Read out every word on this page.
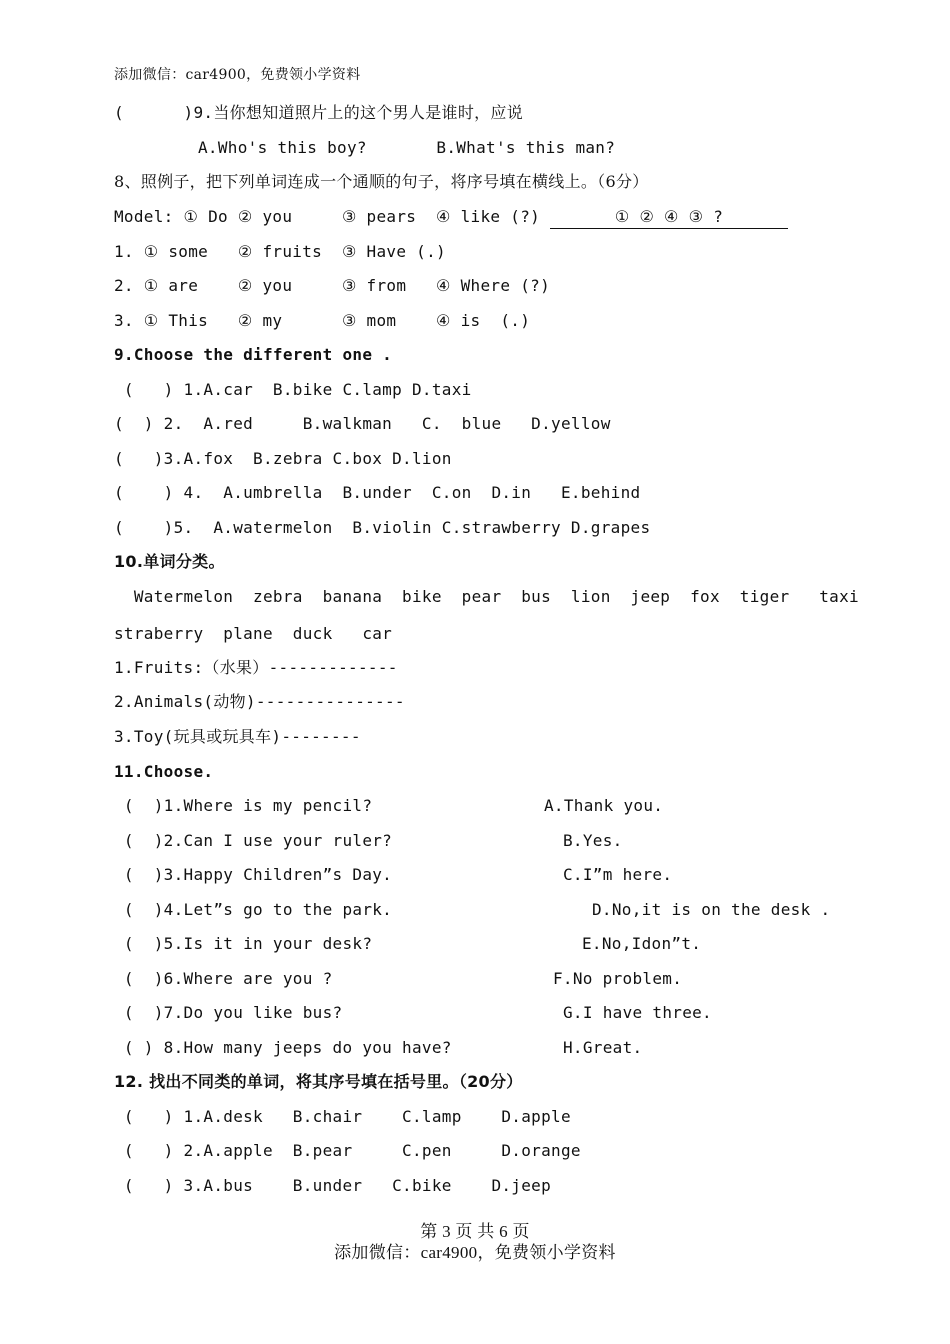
添加微信：car4900，免费领小学资料
(      )9.当你想知道照片上的这个男人是谁时，应说
A.Who's this boy?       B.What's this man?
8、照例子，把下列单词连成一个通顺的句子，将序号填在横线上。（6分）
Model: ① Do ② you     ③ pears  ④ like (?)	① ② ④ ③ ?
1. ① some   ② fruits  ③ Have (.)
2. ① are    ② you     ③ from   ④ Where (?)
3. ① This   ② my      ③ mom    ④ is  (.)
9.Choose the different one .
(   ) 1.A.car  B.bike C.lamp D.taxi
(  ) 2.  A.red     B.walkman   C.  blue   D.yellow
(   )3.A.fox  B.zebra C.box D.lion
(    ) 4.  A.umbrella  B.under  C.on  D.in   E.behind
(    )5.  A.watermelon  B.violin C.strawberry D.grapes
10.单词分类。
Watermelon  zebra  banana  bike  pear  bus  lion  jeep  fox  tiger   taxi
straberry  plane  duck   car
1.Fruits:（水果）-------------
2.Animals(动物)---------------
3.Toy(玩具或玩具车)--------
11.Choose.
(  )1.Where is my pencil?
(  )2.Can I use your ruler?
(  )3.Happy Children”s Day.
(  )4.Let”s go to the park.
(  )5.Is it in your desk?
(  )6.Where are you ?
(  )7.Do you like bus?
( ) 8.How many jeeps do you have?
A.Thank you.
B.Yes.
C.I”m here.
D.No,it is on the desk .
E.No,Idon”t.
F.No problem.
G.I have three.
H.Great.
12. 找出不同类的单词，将其序号填在括号里。（20分）
(   ) 1.A.desk   B.chair    C.lamp    D.apple
(   ) 2.A.apple  B.pear     C.pen     D.orange
(   ) 3.A.bus    B.under   C.bike    D.jeep
第 3 页 共 6 页
添加微信：car4900，免费领小学资料
